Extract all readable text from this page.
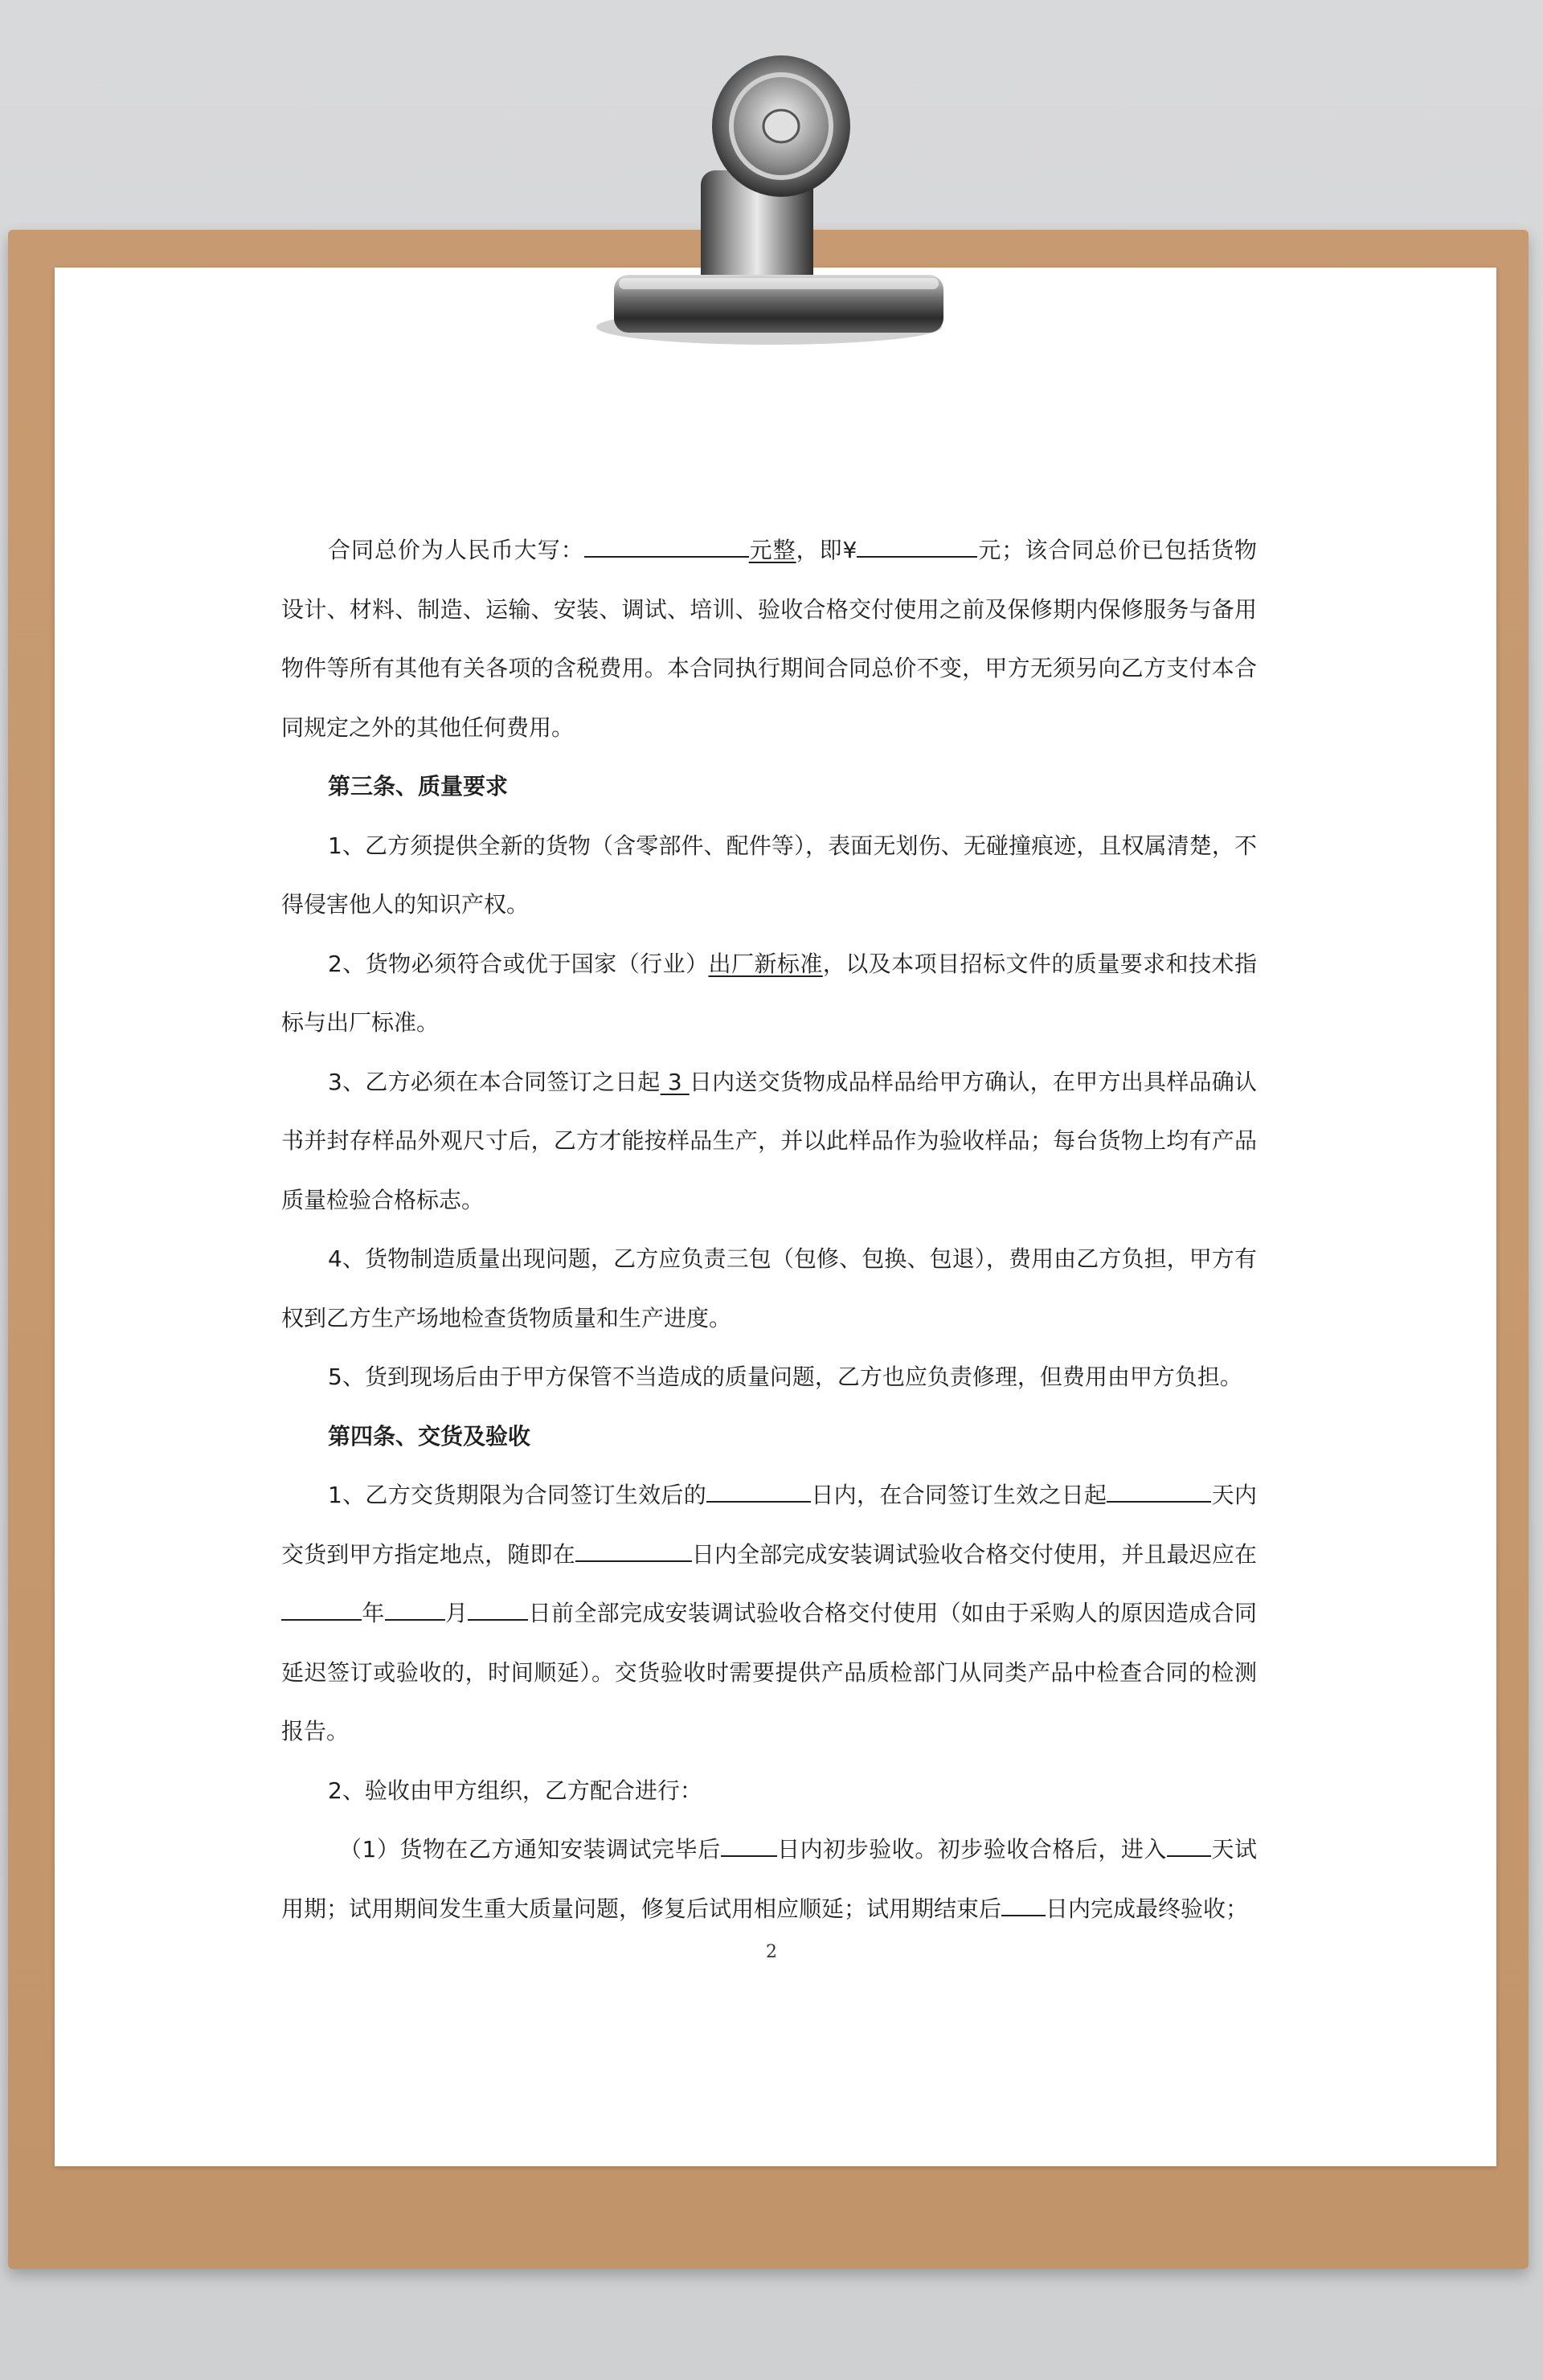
合同总价为人民币大写：	元整，即¥	元；该合同总价已包括货物设计、材料、制造、运输、安装、调试、培训、验收合格交付使用之前及保修期内保修服务与备用物件等所有其他有关各项的含税费用。本合同执行期间合同总价不变，甲方无须另向乙方支付本合同规定之外的其他任何费用。

第三条、质量要求

1、乙方须提供全新的货物（含零部件、配件等），表面无划伤、无碰撞痕迹，且权属清楚，不得侵害他人的知识产权。

2、货物必须符合或优于国家（行业）出厂新标准，以及本项目招标文件的质量要求和技术指标与出厂标准。

3、乙方必须在本合同签订之日起 3 日内送交货物成品样品给甲方确认，在甲方出具样品确认书并封存样品外观尺寸后，乙方才能按样品生产，并以此样品作为验收样品；每台货物上均有产品质量检验合格标志。

4、货物制造质量出现问题，乙方应负责三包（包修、包换、包退），费用由乙方负担，甲方有权到乙方生产场地检查货物质量和生产进度。

5、货到现场后由于甲方保管不当造成的质量问题，乙方也应负责修理，但费用由甲方负担。

第四条、交货及验收

1、乙方交货期限为合同签订生效后的	日内，在合同签订生效之日起	天内交货到甲方指定地点，随即在	日内全部完成安装调试验收合格交付使用，并且最迟应在年	月	日前全部完成安装调试验收合格交付使用（如由于采购人的原因造成合同延迟签订或验收的，时间顺延）。交货验收时需要提供产品质检部门从同类产品中检查合同的检测报告。

2、验收由甲方组织，乙方配合进行：

（1）货物在乙方通知安装调试完毕后	日内初步验收。初步验收合格后，进入 天试用期；试用期间发生重大质量问题，修复后试用相应顺延；试用期结束后 日内完成最终验收；

2
